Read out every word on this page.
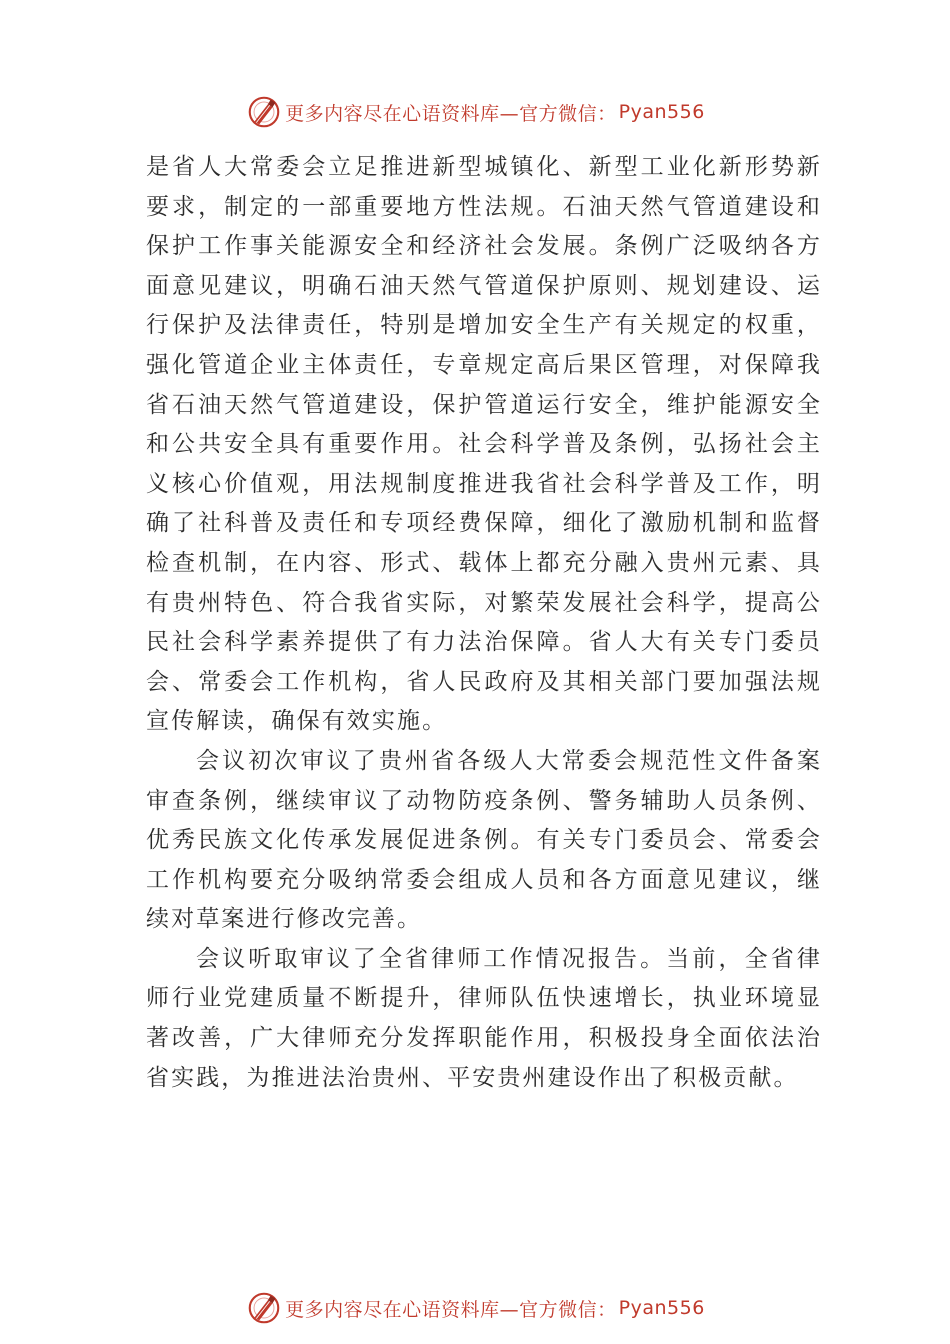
更多内容尽在心语资料库—官方微信： Pyan556

是省人大常委会立足推进新型城镇化、新型工业化新形势新要求，制定的一部重要地方性法规。石油天然气管道建设和保护工作事关能源安全和经济社会发展。条例广泛吸纳各方面意见建议，明确石油天然气管道保护原则、规划建设、运行保护及法律责任，特别是增加安全生产有关规定的权重，强化管道企业主体责任，专章规定高后果区管理，对保障我省石油天然气管道建设，保护管道运行安全，维护能源安全和公共安全具有重要作用。社会科学普及条例，弘扬社会主义核心价值观，用法规制度推进我省社会科学普及工作，明确了社科普及责任和专项经费保障，细化了激励机制和监督检查机制，在内容、形式、载体上都充分融入贵州元素、具有贵州特色、符合我省实际，对繁荣发展社会科学，提高公民社会科学素养提供了有力法治保障。省人大有关专门委员会、常委会工作机构，省人民政府及其相关部门要加强法规宣传解读，确保有效实施。

会议初次审议了贵州省各级人大常委会规范性文件备案审查条例，继续审议了动物防疫条例、警务辅助人员条例、优秀民族文化传承发展促进条例。有关专门委员会、常委会工作机构要充分吸纳常委会组成人员和各方面意见建议，继续对草案进行修改完善。

会议听取审议了全省律师工作情况报告。当前，全省律师行业党建质量不断提升，律师队伍快速增长，执业环境显著改善，广大律师充分发挥职能作用，积极投身全面依法治省实践，为推进法治贵州、平安贵州建设作出了积极贡献。

更多内容尽在心语资料库—官方微信： Pyan556
